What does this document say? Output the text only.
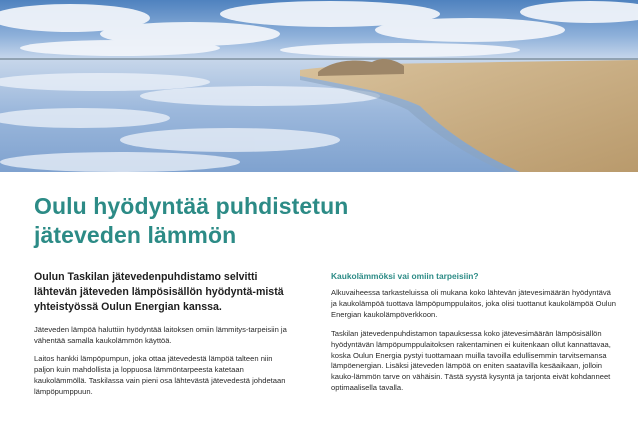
Oulu hyödyntää puhdistetun jäteveden lämmön

Oulun Taskilan jätevedenpuhdistamo selvitti lähtevän jäteveden lämpösisällön hyödyntä-mistä yhteistyössä Oulun Energian kanssa.

Jäteveden lämpöä haluttiin hyödyntää laitoksen omiin lämmitys-tarpeisiin ja vähentää samalla kaukolämmön käyttöä.

Laitos hankki lämpöpumpun, joka ottaa jätevedestä lämpöä talteen niin paljon kuin mahdollista ja loppuosa lämmöntarpeesta katetaan kaukolämmöllä. Taskilassa vain pieni osa lähtevästä jätevedestä johdetaan lämpöpumppuun.

Kaukolämmöksi vai omiin tarpeisiin?

Alkuvaiheessa tarkasteluissa oli mukana koko lähtevän jätevesimäärän hyödyntävä ja kaukolämpöä tuottava lämpöpumppulaitos, joka olisi tuottanut kaukolämpöä Oulun Energian kaukolämpöverkkoon.

Taskilan jätevedenpuhdistamon tapauksessa koko jätevesimäärän lämpösisällön hyödyntävän lämpöpumppulaitoksen rakentaminen ei kuitenkaan ollut kannattavaa, koska Oulun Energia pystyi tuottamaan muilla tavoilla edullisemmin tarvitsemansa lämpöenergian. Lisäksi jäteveden lämpöä on eniten saatavilla kesäaikaan, jolloin kauko-lämmön tarve on vähäisin. Tästä syystä kysyntä ja tarjonta eivät kohdanneet optimaalisella tavalla.
